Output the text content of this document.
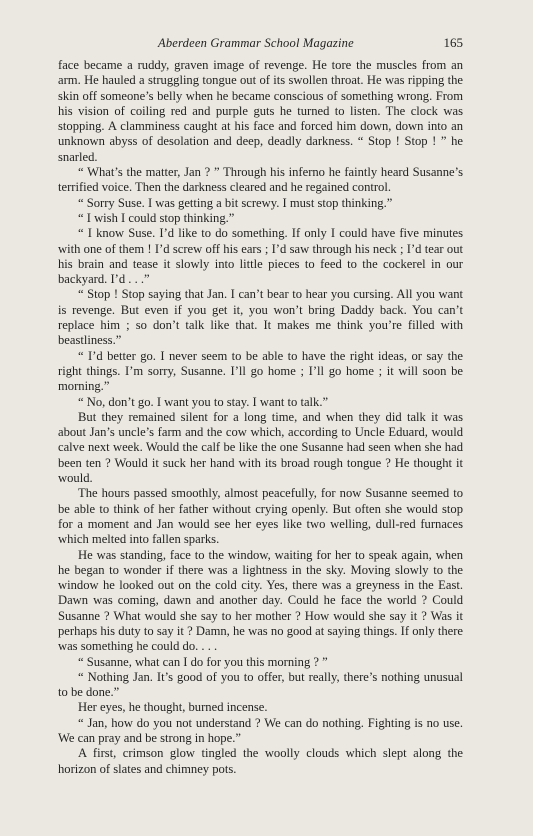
Aberdeen Grammar School Magazine	165

face became a ruddy, graven image of revenge. He tore the muscles from an arm. He hauled a struggling tongue out of its swollen throat. He was ripping the skin off someone’s belly when he became conscious of something wrong. From his vision of coiling red and purple guts he turned to listen. The clock was stopping. A clamminess caught at his face and forced him down, down into an unknown abyss of desolation and deep, deadly darkness. “ Stop ! Stop ! ” he snarled.

“ What’s the matter, Jan ? ” Through his inferno he faintly heard Susanne’s terrified voice. Then the darkness cleared and he regained control.

“ Sorry Suse. I was getting a bit screwy. I must stop thinking.”

“ I wish I could stop thinking.”

“ I know Suse. I’d like to do something. If only I could have five minutes with one of them ! I’d screw off his ears ; I’d saw through his neck ; I’d tear out his brain and tease it slowly into little pieces to feed to the cockerel in our backyard. I’d . . .”

“ Stop ! Stop saying that Jan. I can’t bear to hear you cursing. All you want is revenge. But even if you get it, you won’t bring Daddy back. You can’t replace him ; so don’t talk like that. It makes me think you’re filled with beastliness.”

“ I’d better go. I never seem to be able to have the right ideas, or say the right things. I’m sorry, Susanne. I’ll go home ; I’ll go home ; it will soon be morning.”

“ No, don’t go. I want you to stay. I want to talk.”

But they remained silent for a long time, and when they did talk it was about Jan’s uncle’s farm and the cow which, according to Uncle Eduard, would calve next week. Would the calf be like the one Susanne had seen when she had been ten ? Would it suck her hand with its broad rough tongue ? He thought it would.

The hours passed smoothly, almost peacefully, for now Susanne seemed to be able to think of her father without crying openly. But often she would stop for a moment and Jan would see her eyes like two welling, dull-red furnaces which melted into fallen sparks.

He was standing, face to the window, waiting for her to speak again, when he began to wonder if there was a lightness in the sky. Moving slowly to the window he looked out on the cold city. Yes, there was a greyness in the East. Dawn was coming, dawn and another day. Could he face the world ? Could Susanne ? What would she say to her mother ? How would she say it ? Was it perhaps his duty to say it ? Damn, he was no good at saying things. If only there was something he could do. . . .

“ Susanne, what can I do for you this morning ? ”

“ Nothing Jan. It’s good of you to offer, but really, there’s nothing unusual to be done.”

Her eyes, he thought, burned incense.

“ Jan, how do you not understand ? We can do nothing. Fighting is no use. We can pray and be strong in hope.”

A first, crimson glow tingled the woolly clouds which slept along the horizon of slates and chimney pots.
